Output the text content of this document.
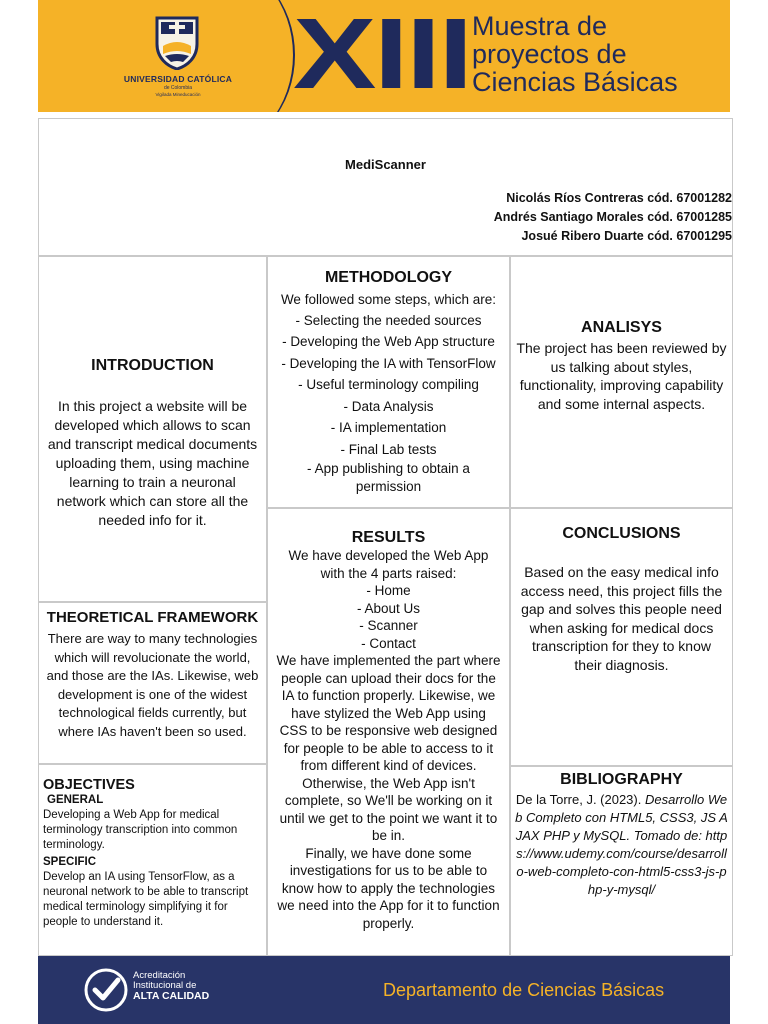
UNIVERSIDAD CATÓLICA
de Colombia
Vigilada Mineducación XIII Muestra de
proyectos de
Ciencias Básicas
MediScanner
Nicolás Ríos Contreras cód. 67001282
Andrés Santiago Morales cód. 67001285
Josué Ribero Duarte cód. 67001295

INTRODUCTION

In this project a website will be developed which allows to scan and transcript medical documents uploading them, using machine learning to train a neuronal network which can store all the needed info for it.

THEORETICAL FRAMEWORK

There are way to many technologies which will revolucionate the world, and those are the IAs. Likewise, web development is one of the widest technological fields currently, but where IAs haven't been so used.

OBJECTIVES

GENERAL
Developing a Web App for medical terminology transcription into common terminology.
SPECIFIC
Develop an IA using TensorFlow, as a neuronal network to be able to transcript medical terminology simplifying it for people to understand it.

METHODOLOGY

We followed some steps, which are:

- Selecting the needed sources
- Developing the Web App structure
- Developing the IA with TensorFlow
- Useful terminology compiling
- Data Analysis
- IA implementation
- Final Lab tests
- App publishing to obtain a permission

RESULTS

We have developed the Web App with the 4 parts raised:

- Home
- About Us
- Scanner
- Contact

We have implemented the part where people can upload their docs for the IA to function properly. Likewise, we have stylized the Web App using CSS to be responsive web designed for people to be able to access to it from different kind of devices. Otherwise, the Web App isn't complete, so We'll be working on it until we get to the point we want it to be in.

Finally, we have done some investigations for us to be able to know how to apply the technologies we need into the App for it to function properly.

ANALISYS

The project has been reviewed by us talking about styles, functionality, improving capability and some internal aspects.

CONCLUSIONS

Based on the easy medical info access need, this project fills the gap and solves this people need when asking for medical docs transcription for they to know their diagnosis.

BIBLIOGRAPHY

De la Torre, J. (2023). Desarrollo Web Completo con HTML5, CSS3, JS AJAX PHP y MySQL. Tomado de: https://www.udemy.com/course/desarrollo-web-completo-con-html5-css3-js-php-y-mysql/

Acreditación
Institucional de
ALTA CALIDAD	Departamento de Ciencias Básicas
